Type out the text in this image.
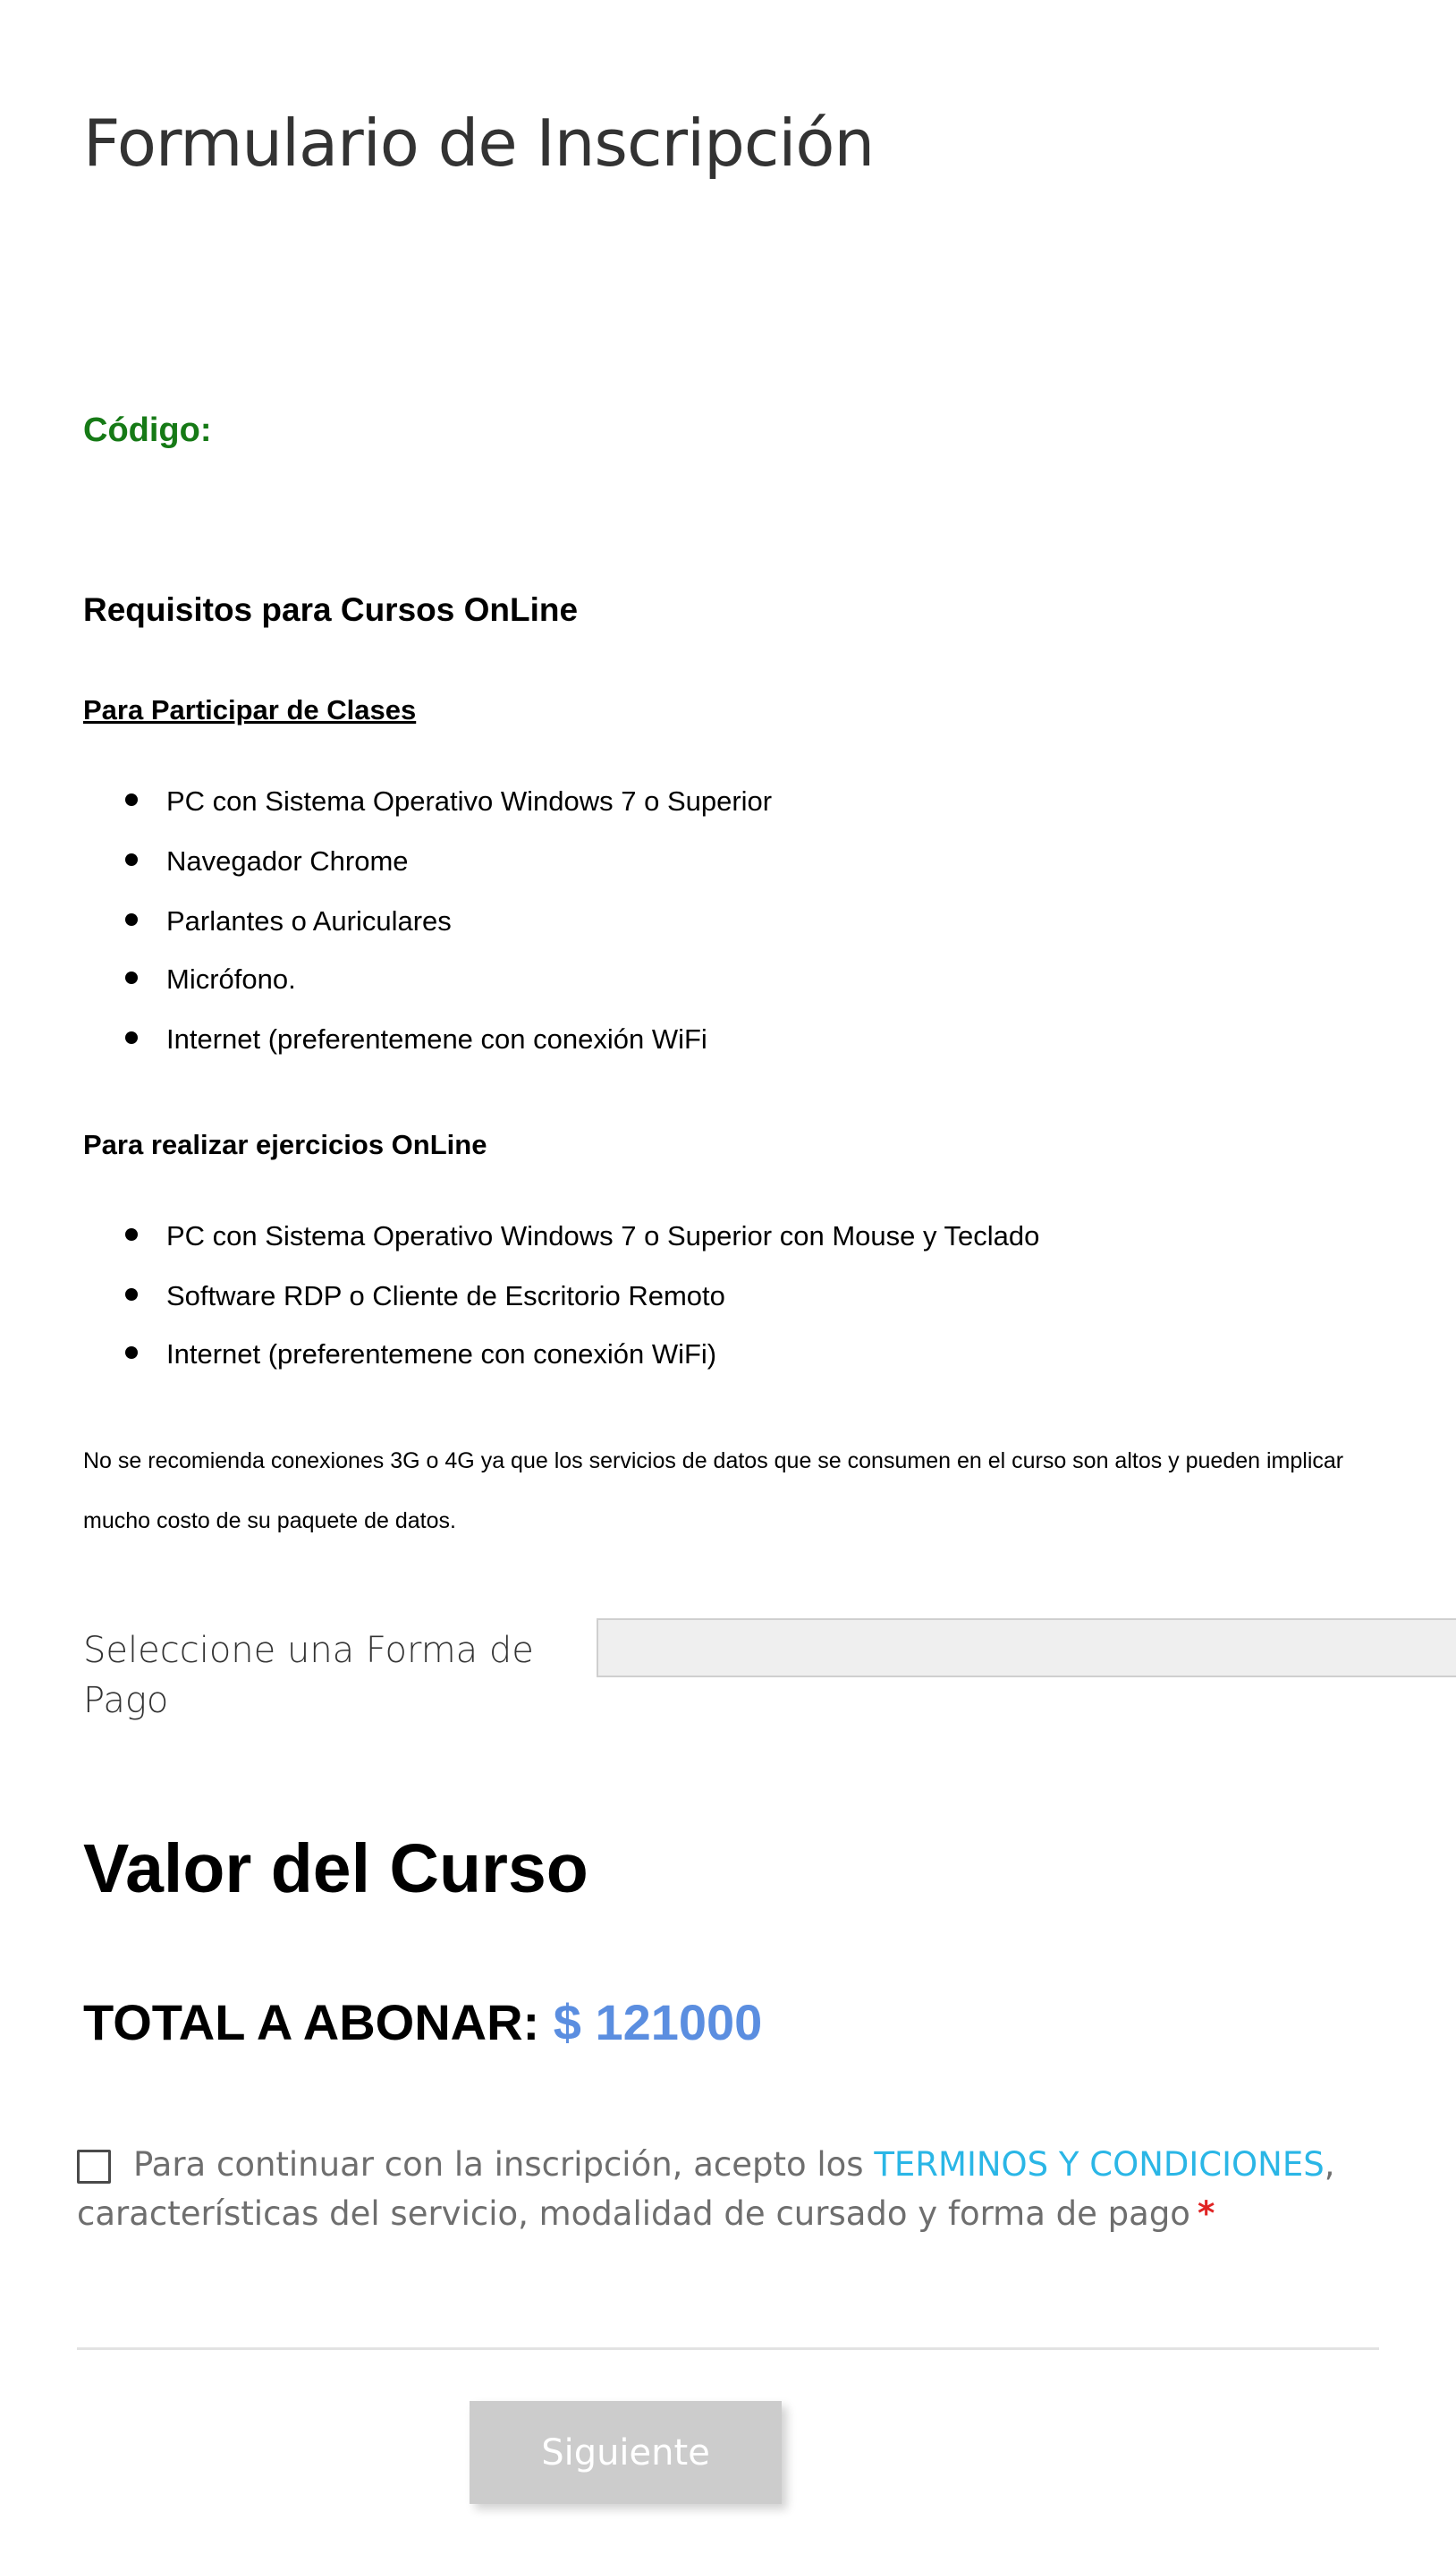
Formulario de Inscripción
Código:
Requisitos para Cursos OnLine
Para Participar de Clases
PC con Sistema Operativo Windows 7 o Superior
Navegador Chrome
Parlantes o Auriculares
Micrófono.
Internet (preferentemene con conexión WiFi
Para realizar ejercicios OnLine
PC con Sistema Operativo Windows 7 o Superior con Mouse y Teclado
Software RDP o Cliente de Escritorio Remoto
Internet (preferentemene con conexión WiFi)
No se recomienda conexiones 3G o 4G ya que los servicios de datos que se consumen en el curso son altos y pueden implicar
mucho costo de su paquete de datos.
Seleccione una Forma de Pago
Valor del Curso
TOTAL A ABONAR: $ 121000
Para continuar con la inscripción, acepto los TERMINOS Y CONDICIONES, características del servicio, modalidad de cursado y forma de pago *
Siguiente
